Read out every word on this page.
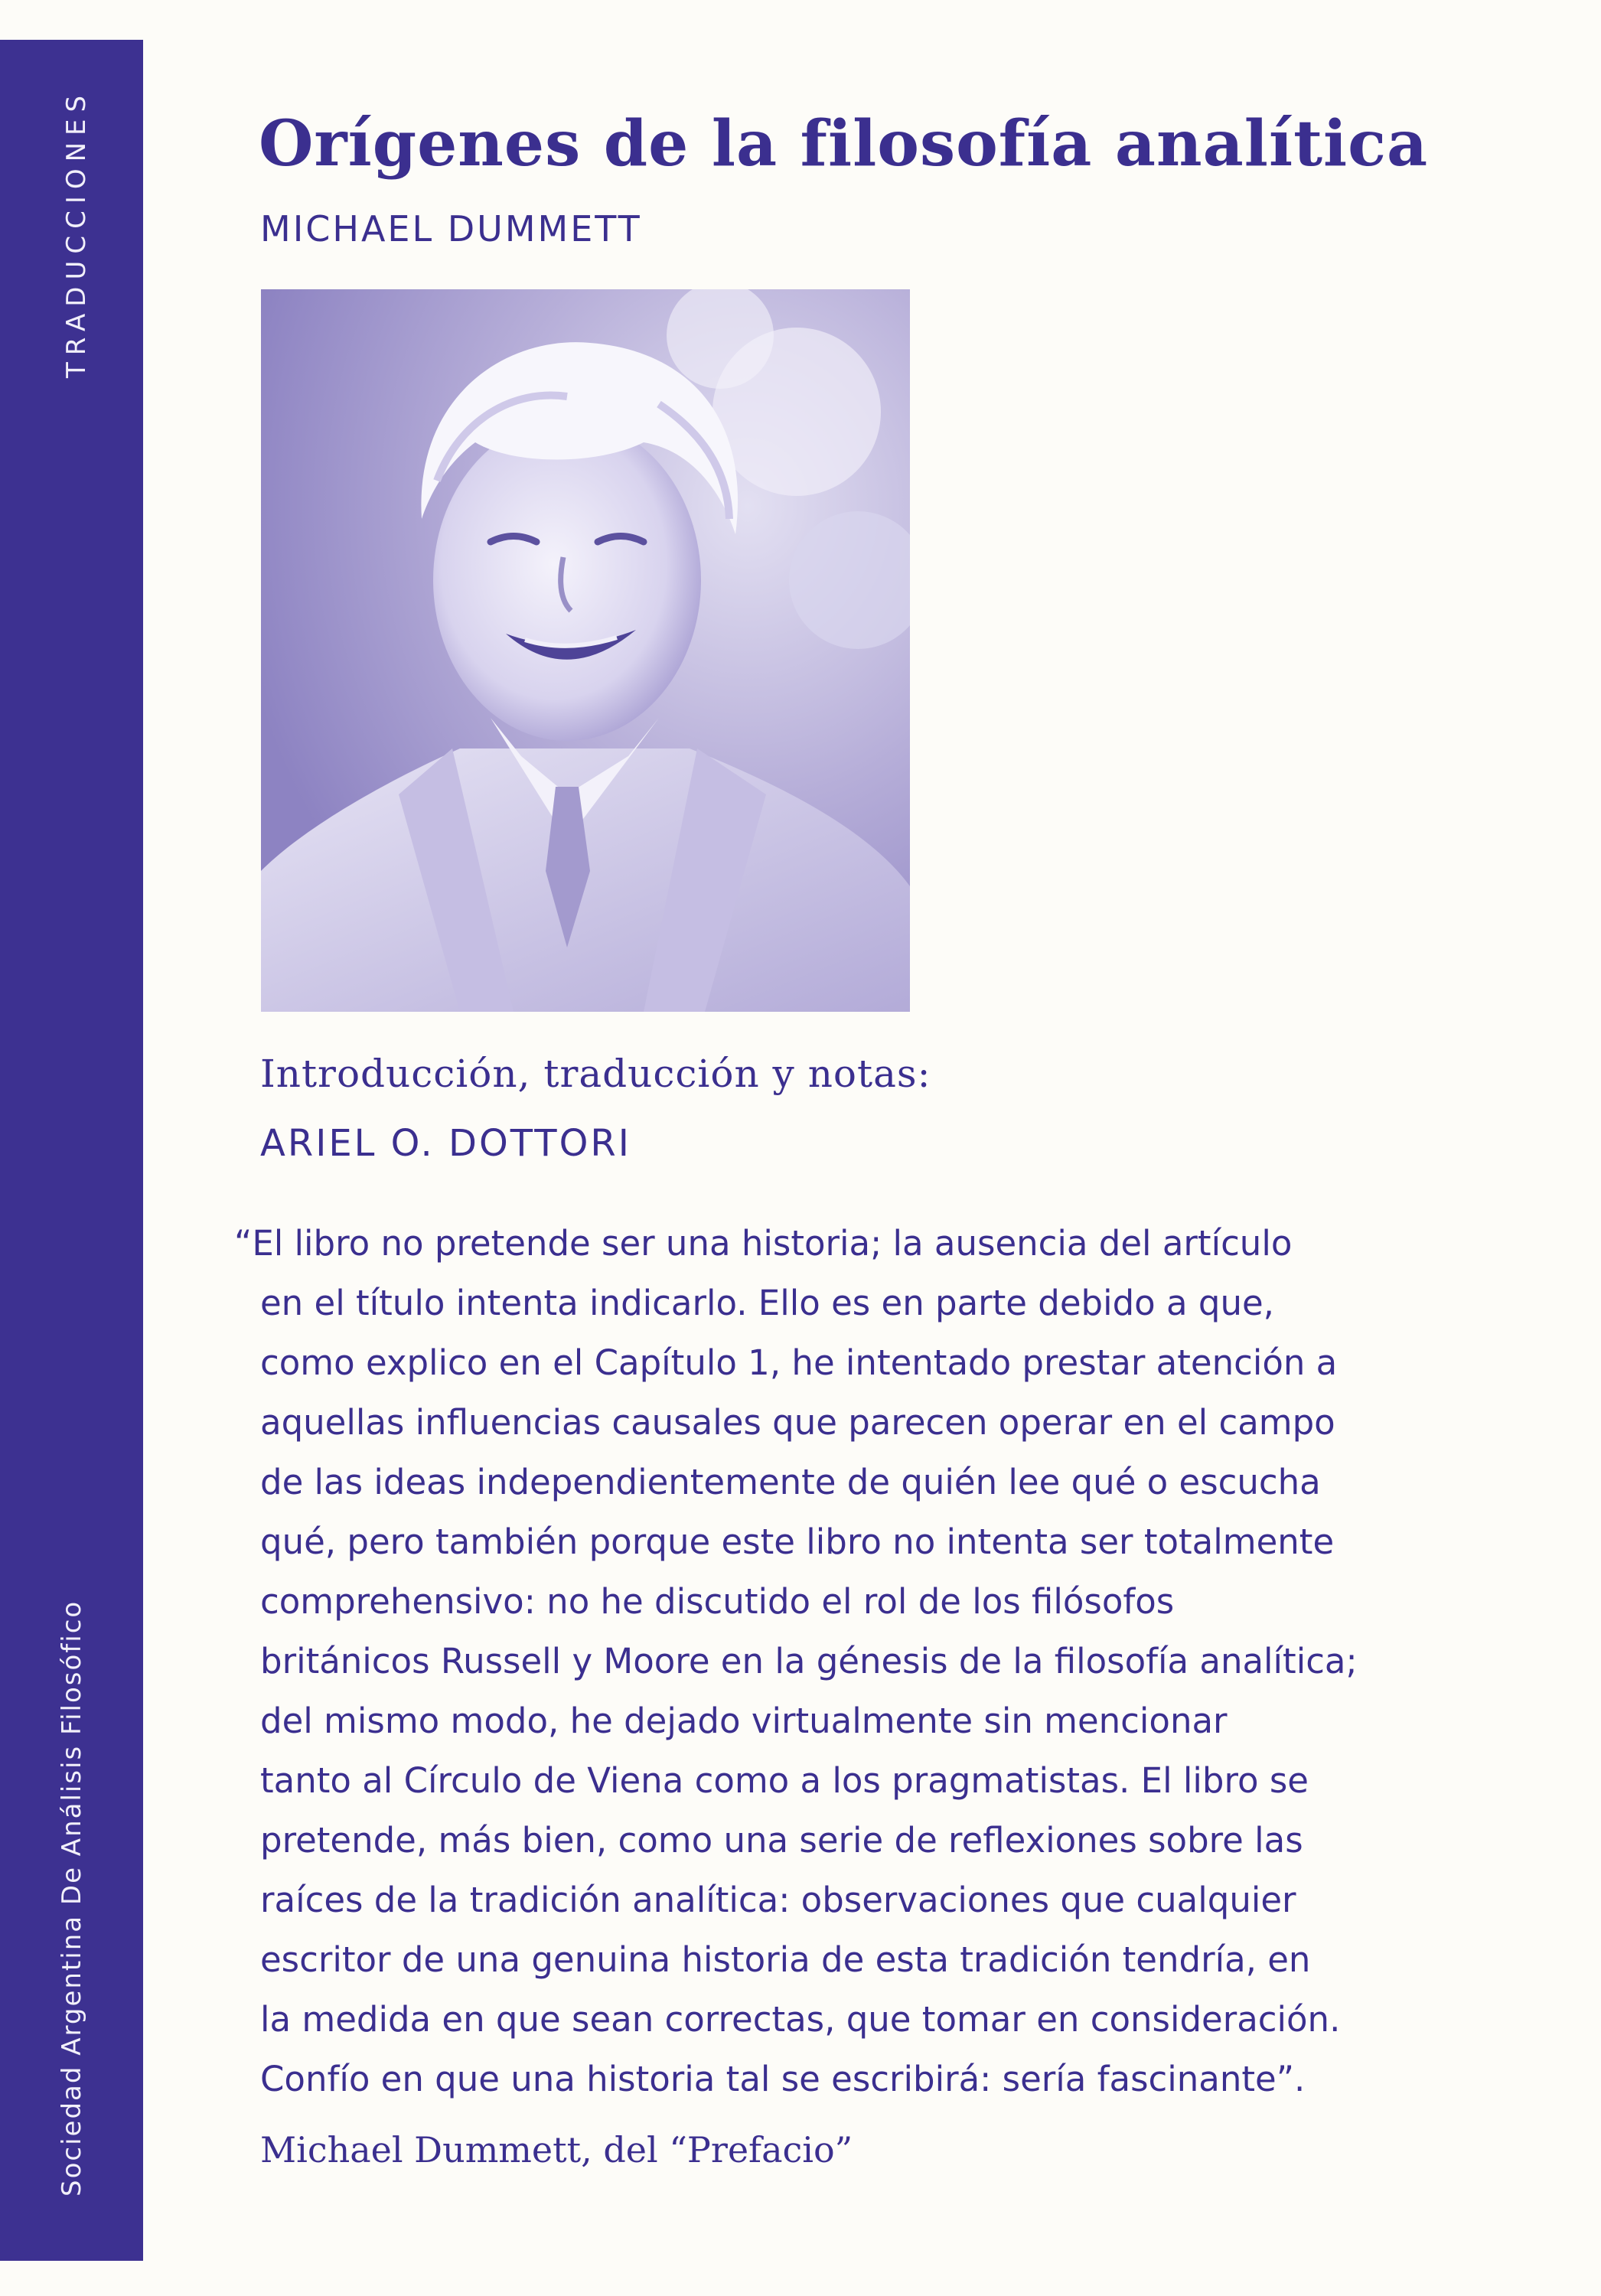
TRADUCCIONES
Sociedad Argentina De Análisis Filosófico
Orígenes de la filosofía analítica
MICHAEL DUMMETT
Introducción, traducción y notas:
ARIEL O. DOTTORI
“El libro no pretende ser una historia; la ausencia del artículo
en el título intenta indicarlo. Ello es en parte debido a que,
como explico en el Capítulo 1, he intentado prestar atención a
aquellas influencias causales que parecen operar en el campo
de las ideas independientemente de quién lee qué o escucha
qué, pero también porque este libro no intenta ser totalmente
comprehensivo: no he discutido el rol de los filósofos
británicos Russell y Moore en la génesis de la filosofía analítica;
del mismo modo, he dejado virtualmente sin mencionar
tanto al Círculo de Viena como a los pragmatistas. El libro se
pretende, más bien, como una serie de reflexiones sobre las
raíces de la tradición analítica: observaciones que cualquier
escritor de una genuina historia de esta tradición tendría, en
la medida en que sean correctas, que tomar en consideración.
Confío en que una historia tal se escribirá: sería fascinante”.
Michael Dummett, del “Prefacio”
